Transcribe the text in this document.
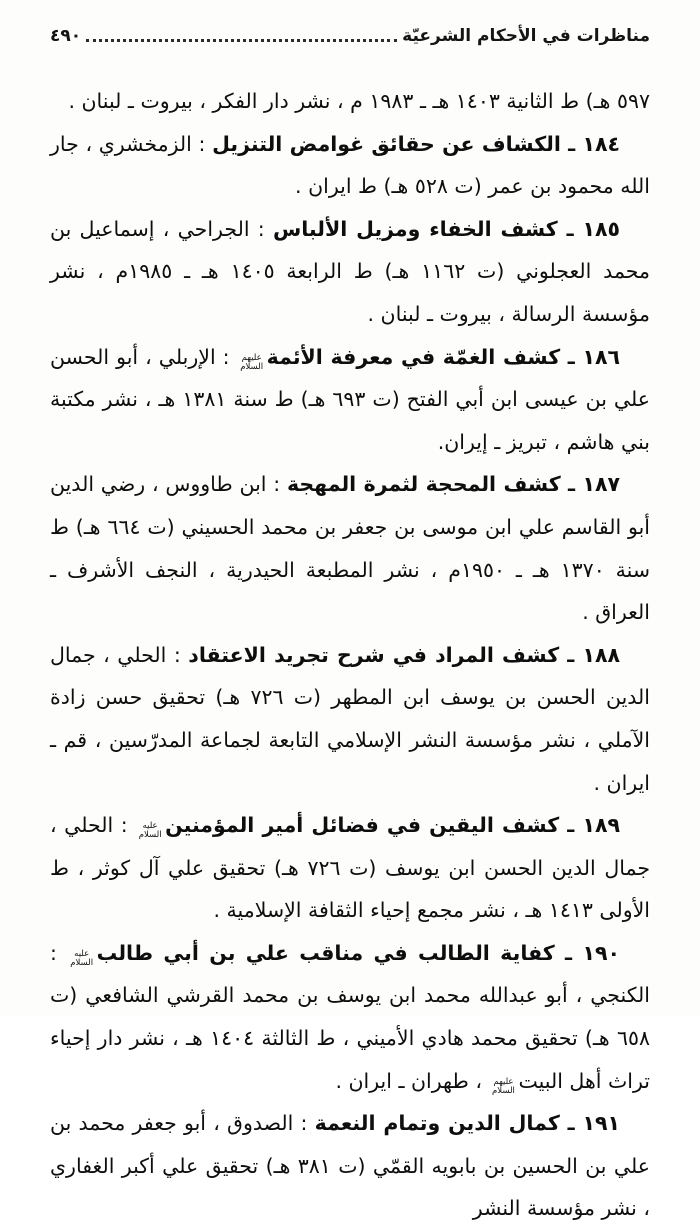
مناظرات في الأحكام الشرعيّة
٤٩٠

٥٩٧ هـ) ط الثانية ١٤٠٣ هـ ـ ١٩٨٣ م ، نشر دار الفكر ، بيروت ـ لبنان .

١٨٤ ـ الكشاف عن حقائق غوامض التنزيل : الزمخشري ، جار الله محمود بن عمر (ت ٥٢٨ هـ) ط ايران .

١٨٥ ـ كشف الخفاء ومزيل الألباس : الجراحي ، إسماعيل بن محمد العجلوني (ت ١١٦٢ هـ) ط الرابعة ١٤٠٥ هـ ـ ١٩٨٥م ، نشر مؤسسة الرسالة ، بيروت ـ لبنان .

١٨٦ ـ كشف الغمّة في معرفة الأئمةعليهم السلام : الإربلي ، أبو الحسن علي بن عيسى ابن أبي الفتح (ت ٦٩٣ هـ) ط سنة ١٣٨١ هـ ، نشر مكتبة بني هاشم ، تبريز ـ إيران.

١٨٧ ـ كشف المحجة لثمرة المهجة : ابن طاووس ، رضي الدين أبو القاسم علي ابن موسى بن جعفر بن محمد الحسيني (ت ٦٦٤ هـ) ط سنة ١٣٧٠ هـ ـ ١٩٥٠م ، نشر المطبعة الحيدرية ، النجف الأشرف ـ العراق .

١٨٨ ـ كشف المراد في شرح تجريد الاعتقاد : الحلي ، جمال الدين الحسن بن يوسف ابن المطهر (ت ٧٢٦ هـ) تحقيق حسن زادة الآملي ، نشر مؤسسة النشر الإسلامي التابعة لجماعة المدرّسين ، قم ـ ايران .

١٨٩ ـ كشف اليقين في فضائل أمير المؤمنينعليه السلام : الحلي ، جمال الدين الحسن ابن يوسف (ت ٧٢٦ هـ) تحقيق علي آل كوثر ، ط الأولى ١٤١٣ هـ ، نشر مجمع إحياء الثقافة الإسلامية .

١٩٠ ـ كفاية الطالب في مناقب علي بن أبي طالبعليه السلام : الكنجي ، أبو عبدالله محمد ابن يوسف بن محمد القرشي الشافعي (ت ٦٥٨ هـ) تحقيق محمد هادي الأميني ، ط الثالثة ١٤٠٤ هـ ، نشر دار إحياء تراث أهل البيتعليهم السلام ، طهران ـ ايران .

١٩١ ـ كمال الدين وتمام النعمة : الصدوق ، أبو جعفر محمد بن علي بن الحسين بن بابويه القمّي (ت ٣٨١ هـ) تحقيق علي أكبر الغفاري ، نشر مؤسسة النشر
